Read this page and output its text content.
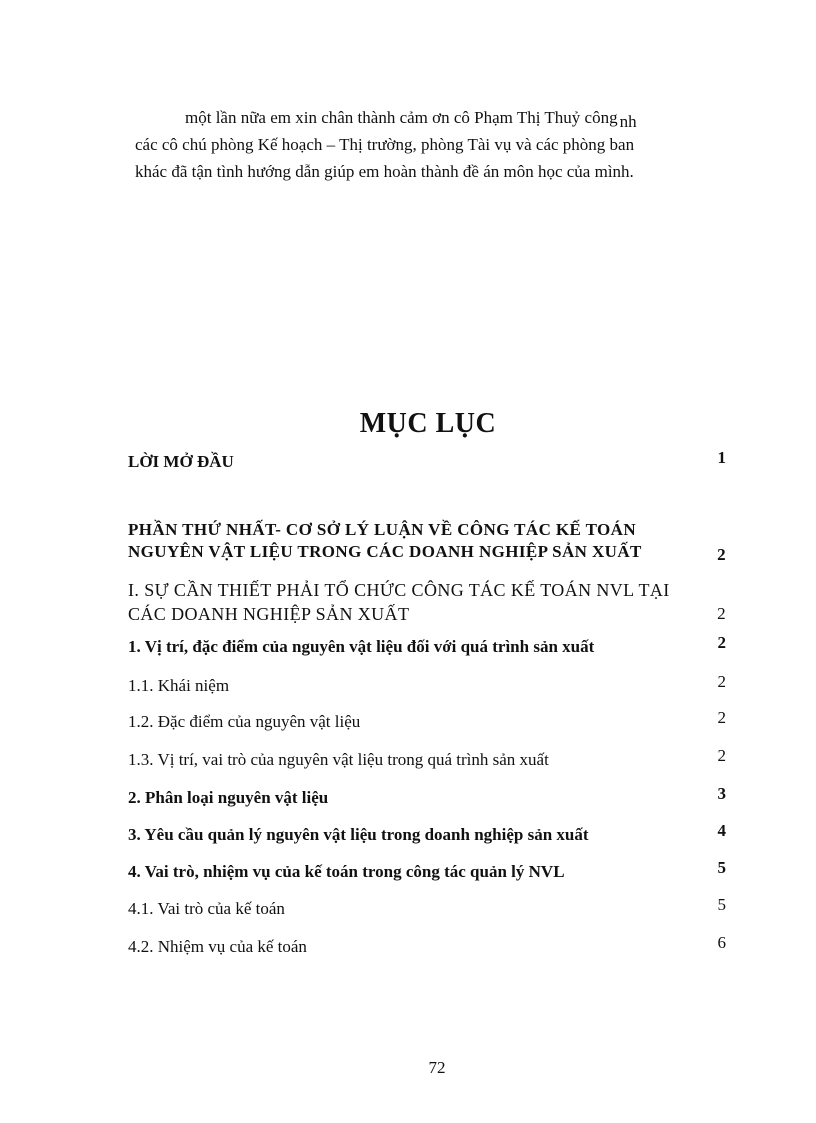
một lần nữa em xin chân thành cảm ơn cô Phạm Thị Thuỷ công nh
các cô chú phòng Kế hoạch – Thị trường, phòng Tài vụ và các phòng ban
khác đã tận tình hướng dẫn giúp em hoàn thành đề án môn học của mình.
MỤC LỤC
LỜI MỞ ĐẦU	1
PHẦN THỨ NHẤT- CƠ SỞ LÝ LUẬN VỀ CÔNG TÁC KẾ TOÁN
NGUYÊN VẬT LIỆU TRONG CÁC DOANH NGHIỆP SẢN XUẤT	2
I. SỰ CẦN THIẾT PHẢI TỔ CHỨC CÔNG TÁC KẾ TOÁN NVL TẠI
CÁC DOANH NGHIỆP SẢN XUẤT	2
1. Vị trí, đặc điểm của nguyên vật liệu đối với quá trình sản xuất	2
1.1. Khái niệm	2
1.2. Đặc điểm của nguyên vật liệu	2
1.3. Vị trí, vai trò của nguyên vật liệu trong quá trình sản xuất	2
2. Phân loại nguyên vật liệu	3
3. Yêu cầu quản lý nguyên vật liệu trong doanh nghiệp sản xuất	4
4. Vai trò, nhiệm vụ của kế toán trong công tác quản lý NVL	5
4.1. Vai trò của kế toán	5
4.2. Nhiệm vụ của kế toán	6
72
